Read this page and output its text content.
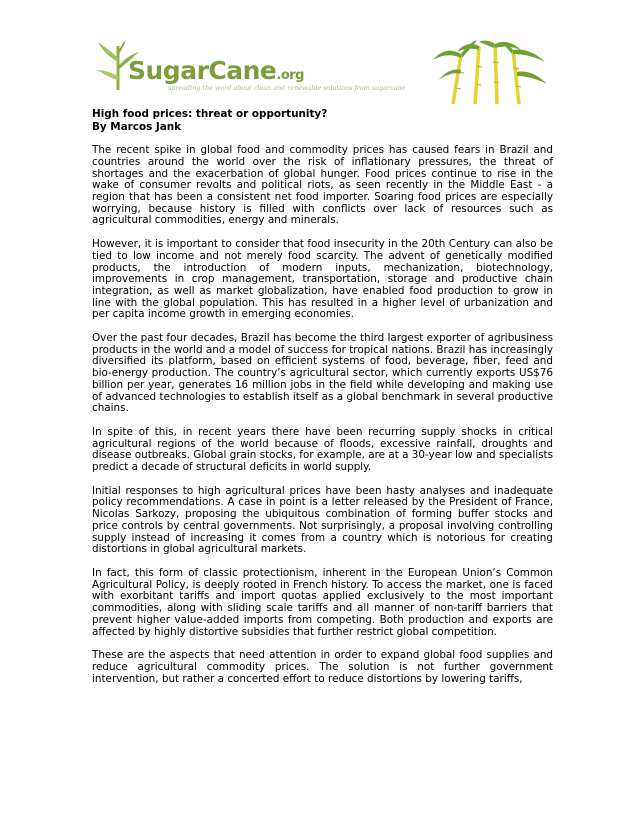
SugarCane.org
spreading the word about clean and renewable solutions from sugarcane

High food prices: threat or opportunity?

By Marcos Jank

The recent spike in global food and commodity prices has caused fears in Brazil and countries around the world over the risk of inflationary pressures, the threat of shortages and the exacerbation of global hunger. Food prices continue to rise in the wake of consumer revolts and political riots, as seen recently in the Middle East - a region that has been a consistent net food importer. Soaring food prices are especially worrying, because history is filled with conflicts over lack of resources such as agricultural commodities, energy and minerals.

However, it is important to consider that food insecurity in the 20th Century can also be tied to low income and not merely food scarcity. The advent of genetically modified products, the introduction of modern inputs, mechanization, biotechnology, improvements in crop management, transportation, storage and productive chain integration, as well as market globalization, have enabled food production to grow in line with the global population. This has resulted in a higher level of urbanization and per capita income growth in emerging economies.

Over the past four decades, Brazil has become the third largest exporter of agribusiness products in the world and a model of success for tropical nations. Brazil has increasingly diversified its platform, based on efficient systems of food, beverage, fiber, feed and bio-energy production. The country’s agricultural sector, which currently exports US$76 billion per year, generates 16 million jobs in the field while developing and making use of advanced technologies to establish itself as a global benchmark in several productive chains.

In spite of this, in recent years there have been recurring supply shocks in critical agricultural regions of the world because of floods, excessive rainfall, droughts and disease outbreaks. Global grain stocks, for example, are at a 30-year low and specialists predict a decade of structural deficits in world supply.

Initial responses to high agricultural prices have been hasty analyses and inadequate policy recommendations. A case in point is a letter released by the President of France, Nicolas Sarkozy, proposing the ubiquitous combination of forming buffer stocks and price controls by central governments. Not surprisingly, a proposal involving controlling supply instead of increasing it comes from a country which is notorious for creating distortions in global agricultural markets.

In fact, this form of classic protectionism, inherent in the European Union’s Common Agricultural Policy, is deeply rooted in French history. To access the market, one is faced with exorbitant tariffs and import quotas applied exclusively to the most important commodities, along with sliding scale tariffs and all manner of non-tariff barriers that prevent higher value-added imports from competing. Both production and exports are affected by highly distortive subsidies that further restrict global competition.

These are the aspects that need attention in order to expand global food supplies and reduce agricultural commodity prices. The solution is not further government intervention, but rather a concerted effort to reduce distortions by lowering tariffs,
